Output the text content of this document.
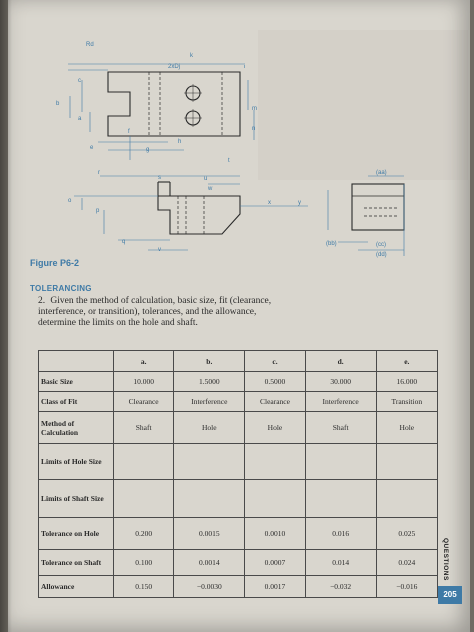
Rd
k
2xDj
c
b
a
m
n
e	g
f
h
i
r
s	u
w
o
p
q
v
x	y
t
(aa)
(bb)	(cc)
(dd)
Figure P6-2
TOLERANCING
2. Given the method of calculation, basic size, fit (clearance, interference, or transition), tolerances, and the allowance, determine the limits on the hole and shaft.
	a.	b.	c.	d.	e.
Basic Size	10.000	1.5000	0.5000	30.000	16.000
Class of Fit	Clearance	Interference	Clearance	Interference	Transition
Method of Calculation	Shaft	Hole	Hole	Shaft	Hole
Limits of Hole Size					
Limits of Shaft Size					
Tolerance on Hole	0.200	0.0015	0.0010	0.016	0.025
Tolerance on Shaft	0.100	0.0014	0.0007	0.014	0.024
Allowance	0.150	−0.0030	0.0017	−0.032	−0.016
QUESTIONS
205
